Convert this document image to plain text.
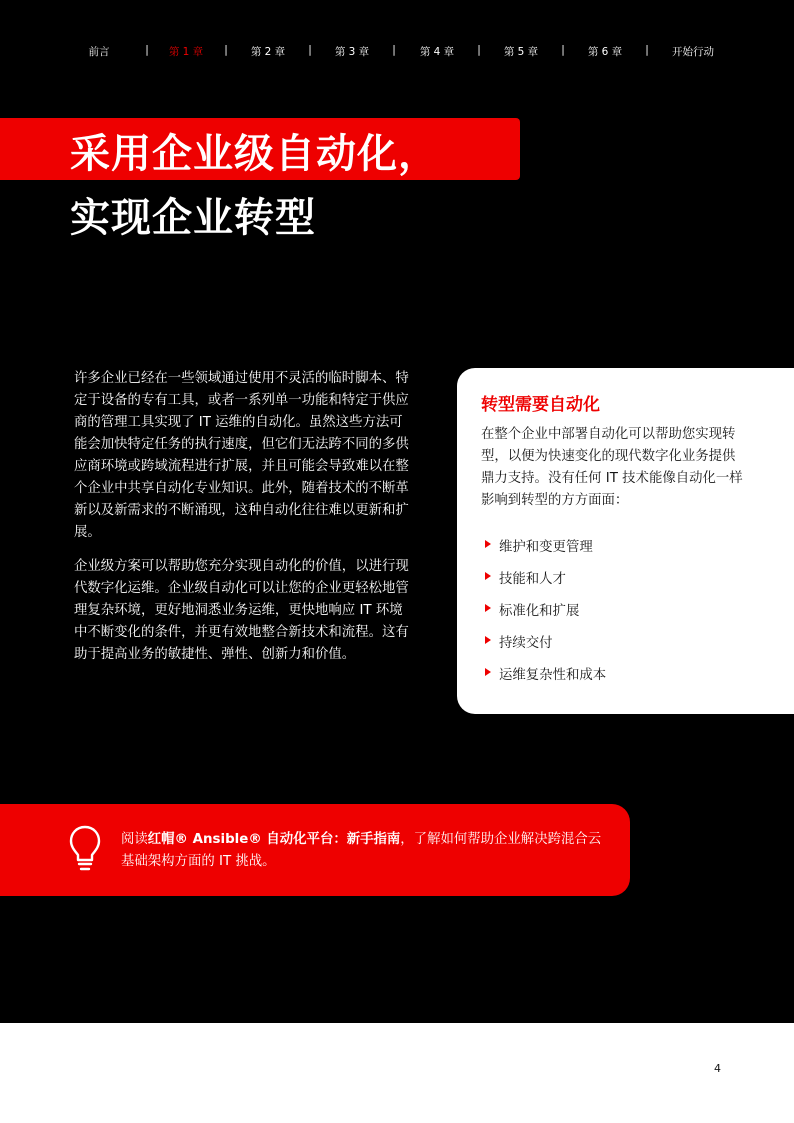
前言	| 第 1 章 | 第 2 章 | 第 3 章 | 第 4 章 | 第 5 章 | 第 6 章 | 开始行动
采用企业级自动化，
实现企业转型

许多企业已经在一些领域通过使用不灵活的临时脚本、特定于设备的专有工具，或者一系列单一功能和特定于供应商的管理工具实现了 IT 运维的自动化。虽然这些方法可能会加快特定任务的执行速度，但它们无法跨不同的多供应商环境或跨域流程进行扩展，并且可能会导致难以在整个企业中共享自动化专业知识。此外，随着技术的不断革新以及新需求的不断涌现，这种自动化往往难以更新和扩展。

企业级方案可以帮助您充分实现自动化的价值，以进行现代数字化运维。企业级自动化可以让您的企业更轻松地管理复杂环境，更好地洞悉业务运维，更快地响应 IT 环境中不断变化的条件，并更有效地整合新技术和流程。这有助于提高业务的敏捷性、弹性、创新力和价值。

转型需要自动化
在整个企业中部署自动化可以帮助您实现转型，以便为快速变化的现代数字化业务提供鼎力支持。没有任何 IT 技术能像自动化一样影响到转型的方方面面：
维护和变更管理
技能和人才
标准化和扩展
持续交付
运维复杂性和成本
阅读红帽® Ansible® 自动化平台：新手指南，了解如何帮助企业解决跨混合云基础架构方面的 IT 挑战。
4
